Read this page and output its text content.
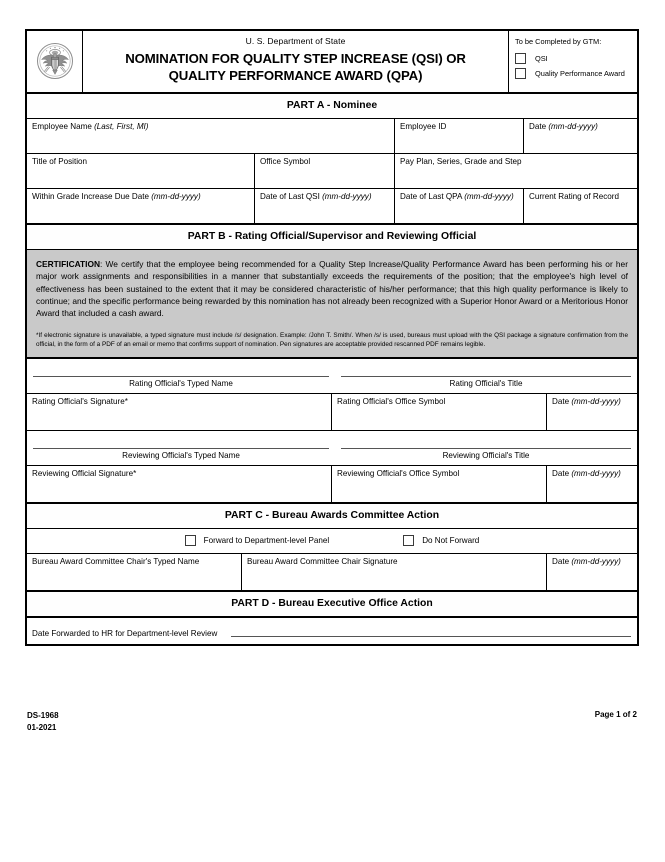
U. S. Department of State
NOMINATION FOR QUALITY STEP INCREASE (QSI) OR
QUALITY PERFORMANCE AWARD (QPA)
To be Completed by GTM:
QSI
Quality Performance Award
PART A - Nominee
Employee Name (Last, First, MI)	Employee ID	Date (mm-dd-yyyy)
Title of Position	Office Symbol	Pay Plan, Series, Grade and Step
Within Grade Increase Due Date (mm-dd-yyyy)	Date of Last QSI (mm-dd-yyyy)	Date of Last QPA (mm-dd-yyyy)	Current Rating of Record
PART B - Rating Official/Supervisor and Reviewing Official

CERTIFICATION: We certify that the employee being recommended for a Quality Step Increase/Quality Performance Award has been performing his or her major work assignments and responsibilities in a manner that substantially exceeds the requirements of the position; that the employee's high level of effectiveness has been sustained to the extent that it may be considered characteristic of his/her performance; that this high quality performance is likely to continue; and the specific performance being rewarded by this nomination has not already been recognized with a Superior Honor Award or a Meritorious Honor Award that included a cash award.

*If electronic signature is unavailable, a typed signature must include /s/ designation. Example: /John T. Smith/. When /s/ is used, bureaus must upload with the QSI package a signature confirmation from the official, in the form of a PDF of an email or memo that confirms support of nomination. Pen signatures are acceptable provided rescanned PDF remains legible.

Rating Official's Typed Name	Rating Official's Title
Rating Official's Signature*	Rating Official's Office Symbol	Date (mm-dd-yyyy)
Reviewing Official's Typed Name	Reviewing Official's Title
Reviewing Official Signature*	Reviewing Official's Office Symbol	Date (mm-dd-yyyy)
PART C - Bureau Awards Committee Action
Forward to Department-level Panel	Do Not Forward
Bureau Award Committee Chair's Typed Name	Bureau Award Committee Chair Signature	Date (mm-dd-yyyy)
PART D - Bureau Executive Office Action
Date Forwarded to HR for Department-level Review
DS-1968
01-2021
Page 1 of 2
